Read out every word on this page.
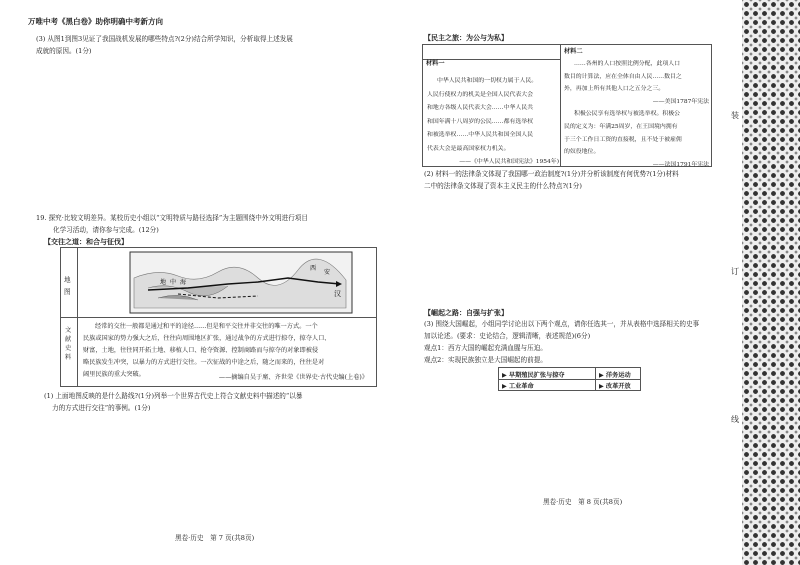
万唯中考《黑白卷》助你明确中考新方向
(3) 从图1到图3见证了我国战机发展的哪些特点?(2分)结合所学知识，分析取得上述发展
成就的原因。(1分)
19. 探究·比较文明差异。某校历史小组以“文明特质与路径选择”为主题围绕中外文明进行项目
化学习活动，请你参与完成。(12分)
【交往之道：和合与征伐】
地图
地 中 海
安
汉
西
文献史料
经常的交往一般都是通过和平的途径……但是和平交往并非交往的唯一方式。一个
民族或国家的势力强大之后，往往向周围地区扩张，通过战争的方式进行掠夺，掠夺人口、
财富，土地，往往同开拓土地、移植人口、抢夺资源、控制商路而与掠夺的对象即被侵
略民族发生冲突，以暴力的方式进行交往。一次征战的中途之后，随之而来的，往往是对
阔里民族的重大突破。	——摘编自吴于廑、齐世荣《世界史·古代史编(上卷)》
(1) 上面地图反映的是什么路线?(1分)列举一个世界古代史上符合文献史料中描述的“以暴
力的方式进行交往”的事例。(1分)
黑卷·历史　第 7 页(共8页)
【民主之旅：为公与为私】
材料一
中华人民共和国的一切权力属于人民。
人民行使权力的机关是全国人民代表大会
和地方各级人民代表大会……中华人民共
和国年满十八周岁的公民……都有选举权
和被选举权……中华人民共和国全国人民
代表大会是最高国家权力机关。
——《中华人民共和国宪法》1954年)
材料二
……各州的人口按照比例分配，此项人口
数目的计算法，应在全体自由人民……数目之
外，再加上所有其他人口之五分之三。
——美国1787年宪法
积极公民享有选举权与被选举权。积极公
民的定义为：年满25周岁，在王国境内拥有
于三个工作日工资的直接税，且不处于被雇佣
的奴役地位。
——法国1791年宪法
(2) 材料一的法律条文体现了我国哪一政治制度?(1分)并分析该制度有何优势?(1分)材料
二中的法律条文体现了资本主义民主的什么特点?(1分)
【崛起之路：自强与扩张】
(3) 围绕大国崛起，小组同学讨论出以下两个观点，请你任选其一，并从表格中选择相关的史事
加以论述。(要求：史论结合，逻辑清晰，表述规范)(6分)
观点1：西方大国的崛起充满血腥与压迫。
观点2：实现民族独立是大国崛起的前提。
▶ 早期殖民扩张与掠夺	▶ 洋务运动
▶ 工业革命	▶ 改革开放
黑卷·历史　第 8 页(共8页)
装
订
线
